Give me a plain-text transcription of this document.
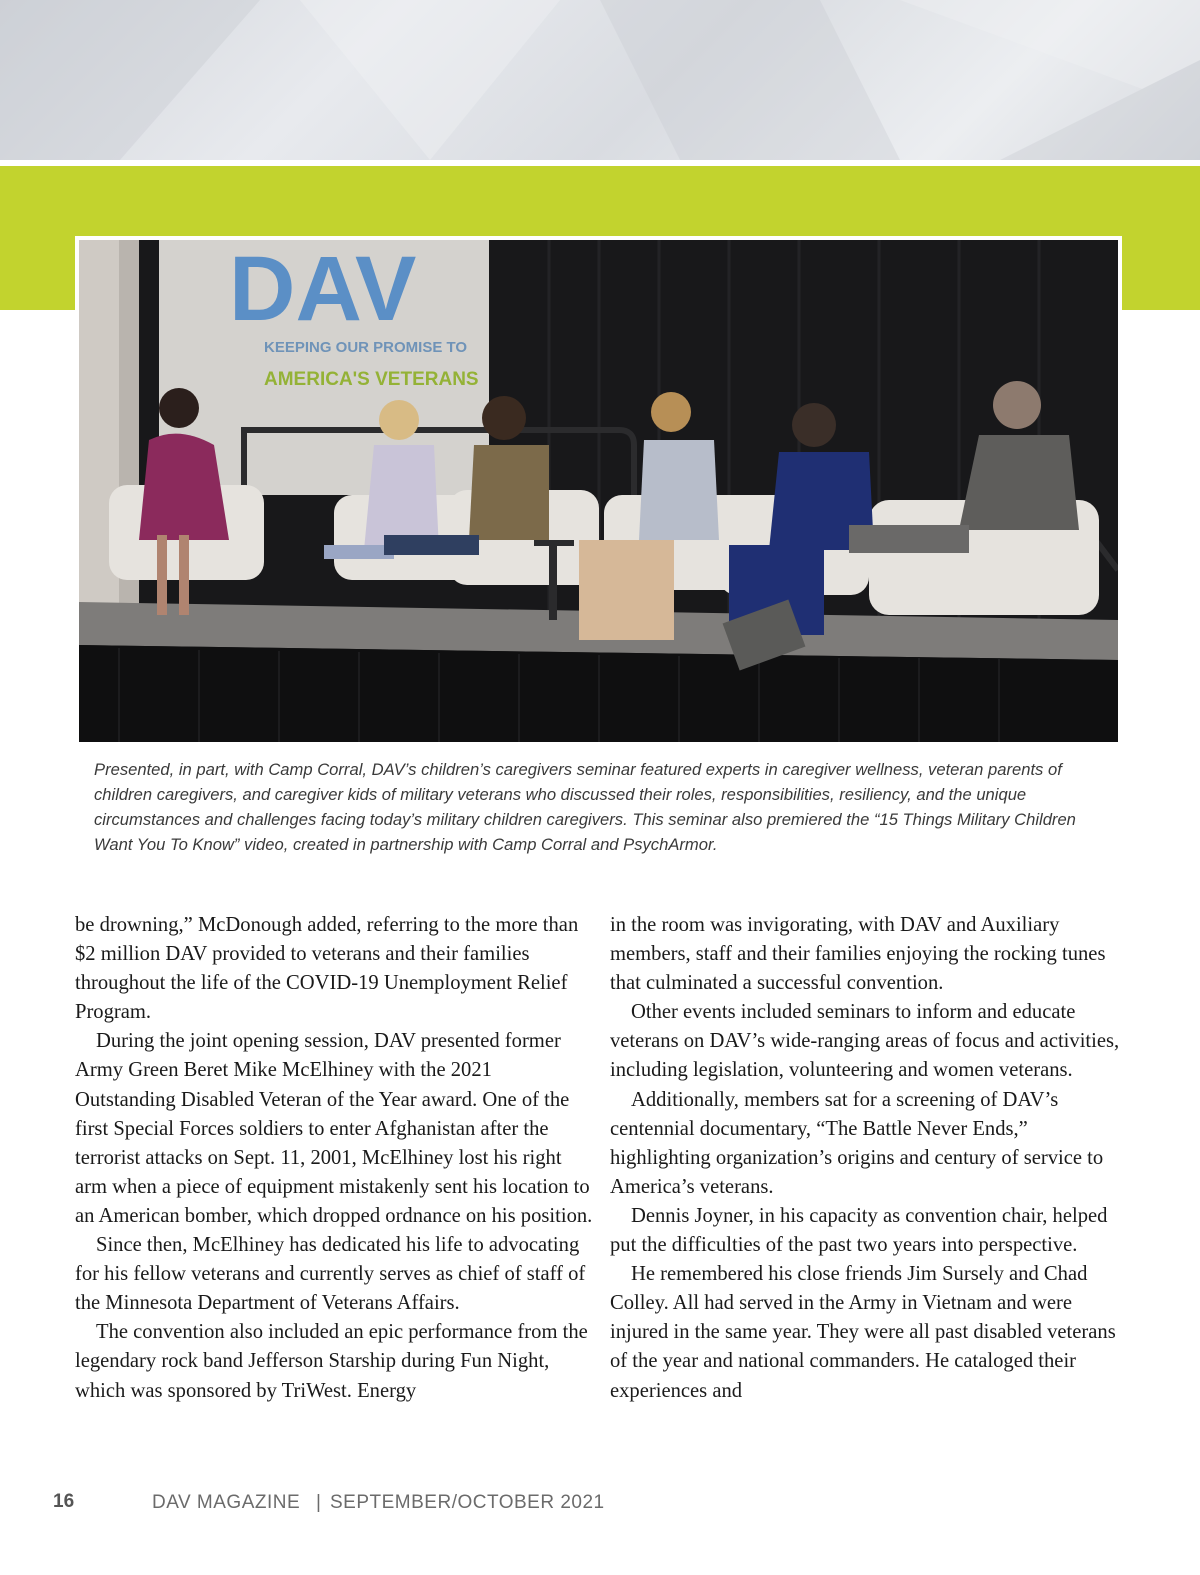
DAV
KEEPING OUR PROMISE TO
AMERICA'S VETERANS

Presented, in part, with Camp Corral, DAV’s children’s caregivers seminar featured experts in caregiver wellness, veteran parents of children caregivers, and caregiver kids of military veterans who discussed their roles, responsibilities, resiliency, and the unique circumstances and challenges facing today’s military children caregivers. This seminar also premiered the “15 Things Military Children Want You To Know” video, created in partnership with Camp Corral and PsychArmor.

be drowning,” McDonough added, referring to the more than $2 million DAV provided to veterans and their families throughout the life of the COVID-19 Unemployment Relief Program.

During the joint opening session, DAV presented former Army Green Beret Mike McElhiney with the 2021 Outstanding Disabled Veteran of the Year award. One of the first Special Forces soldiers to enter Afghanistan after the terrorist attacks on Sept. 11, 2001, McElhiney lost his right arm when a piece of equipment mistakenly sent his location to an American bomber, which dropped ordnance on his position.

Since then, McElhiney has dedicated his life to advocating for his fellow veterans and currently serves as chief of staff of the Minnesota Department of Veterans Affairs.

The convention also included an epic performance from the legendary rock band Jefferson Starship during Fun Night, which was sponsored by TriWest. Energy

in the room was invigorating, with DAV and Auxiliary members, staff and their families enjoying the rocking tunes that culminated a successful convention.

Other events included seminars to inform and educate veterans on DAV’s wide-ranging areas of focus and activities, including legislation, volunteering and women veterans.

Additionally, members sat for a screening of DAV’s centennial documentary, “The Battle Never Ends,” highlighting organization’s origins and century of service to America’s veterans.

Dennis Joyner, in his capacity as convention chair, helped put the difficulties of the past two years into perspective.

He remembered his close friends Jim Sursely and Chad Colley. All had served in the Army in Vietnam and were injured in the same year. They were all past disabled veterans of the year and national commanders. He cataloged their experiences and

16	DAV MAGAZINE | SEPTEMBER/OCTOBER 2021
